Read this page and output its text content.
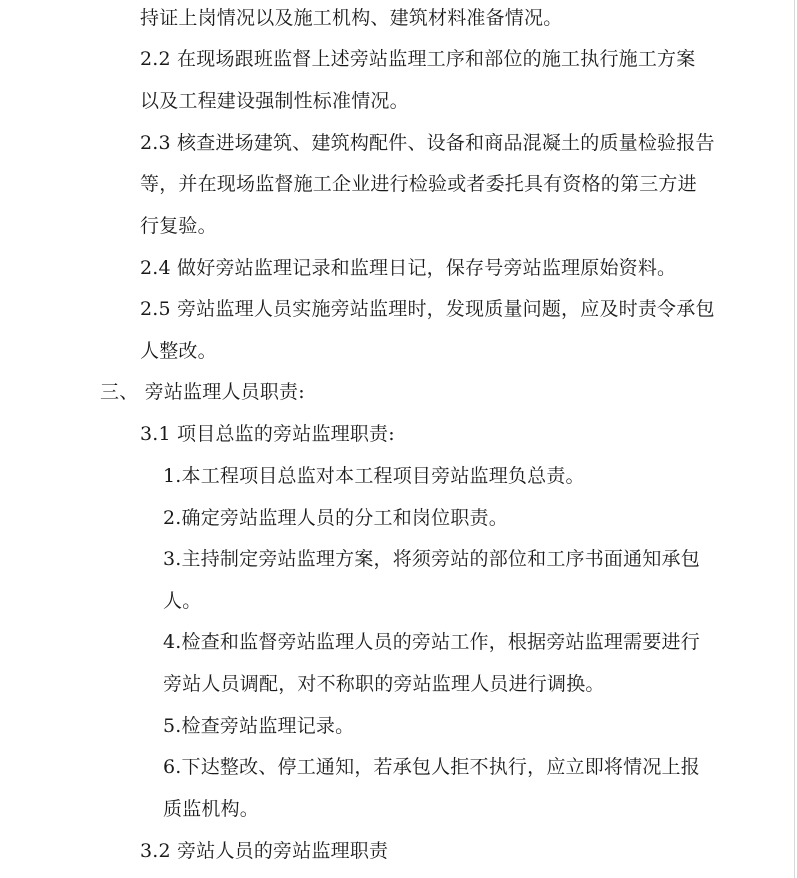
持证上岗情况以及施工机构、建筑材料准备情况。
2.2 在现场跟班监督上述旁站监理工序和部位的施工执行施工方案
以及工程建设强制性标准情况。
2.3 核查进场建筑、建筑构配件、设备和商品混凝土的质量检验报告
等，并在现场监督施工企业进行检验或者委托具有资格的第三方进
行复验。
2.4 做好旁站监理记录和监理日记，保存号旁站监理原始资料。
2.5 旁站监理人员实施旁站监理时，发现质量问题，应及时责令承包
人整改。
三、 旁站监理人员职责:
3.1 项目总监的旁站监理职责:
1.本工程项目总监对本工程项目旁站监理负总责。
2.确定旁站监理人员的分工和岗位职责。
3.主持制定旁站监理方案，将须旁站的部位和工序书面通知承包
人。
4.检查和监督旁站监理人员的旁站工作，根据旁站监理需要进行
旁站人员调配，对不称职的旁站监理人员进行调换。
5.检查旁站监理记录。
6.下达整改、停工通知，若承包人拒不执行，应立即将情况上报
质监机构。
3.2 旁站人员的旁站监理职责
